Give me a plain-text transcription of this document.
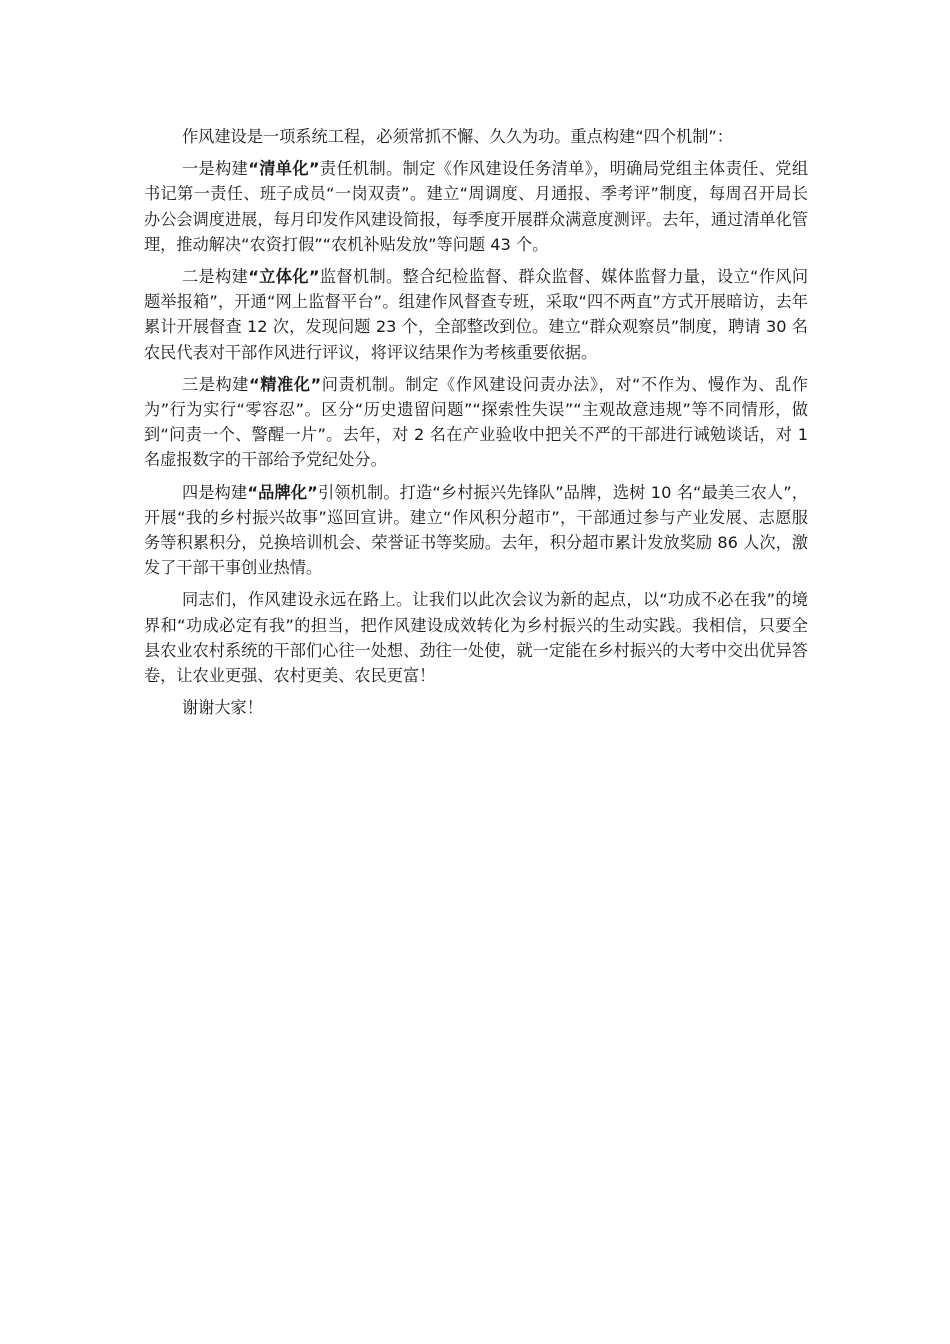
作风建设是一项系统工程，必须常抓不懈、久久为功。重点构建“四个机制”：

一是构建“清单化”责任机制。制定《作风建设任务清单》，明确局党组主体责任、党组书记第一责任、班子成员“一岗双责”。建立“周调度、月通报、季考评”制度，每周召开局长办公会调度进展，每月印发作风建设简报，每季度开展群众满意度测评。去年，通过清单化管理，推动解决“农资打假”“农机补贴发放”等问题 43 个。

二是构建“立体化”监督机制。整合纪检监督、群众监督、媒体监督力量，设立“作风问题举报箱”，开通“网上监督平台”。组建作风督查专班，采取“四不两直”方式开展暗访，去年累计开展督查 12 次，发现问题 23 个，全部整改到位。建立“群众观察员”制度，聘请 30 名农民代表对干部作风进行评议，将评议结果作为考核重要依据。

三是构建“精准化”问责机制。制定《作风建设问责办法》，对“不作为、慢作为、乱作为”行为实行“零容忍”。区分“历史遗留问题”“探索性失误”“主观故意违规”等不同情形，做到“问责一个、警醒一片”。去年，对 2 名在产业验收中把关不严的干部进行诫勉谈话，对 1 名虚报数字的干部给予党纪处分。

四是构建“品牌化”引领机制。打造“乡村振兴先锋队”品牌，选树 10 名“最美三农人”，开展“我的乡村振兴故事”巡回宣讲。建立“作风积分超市”，干部通过参与产业发展、志愿服务等积累积分，兑换培训机会、荣誉证书等奖励。去年，积分超市累计发放奖励 86 人次，激发了干部干事创业热情。

同志们，作风建设永远在路上。让我们以此次会议为新的起点，以“功成不必在我”的境界和“功成必定有我”的担当，把作风建设成效转化为乡村振兴的生动实践。我相信，只要全县农业农村系统的干部们心往一处想、劲往一处使，就一定能在乡村振兴的大考中交出优异答卷，让农业更强、农村更美、农民更富！

谢谢大家！
